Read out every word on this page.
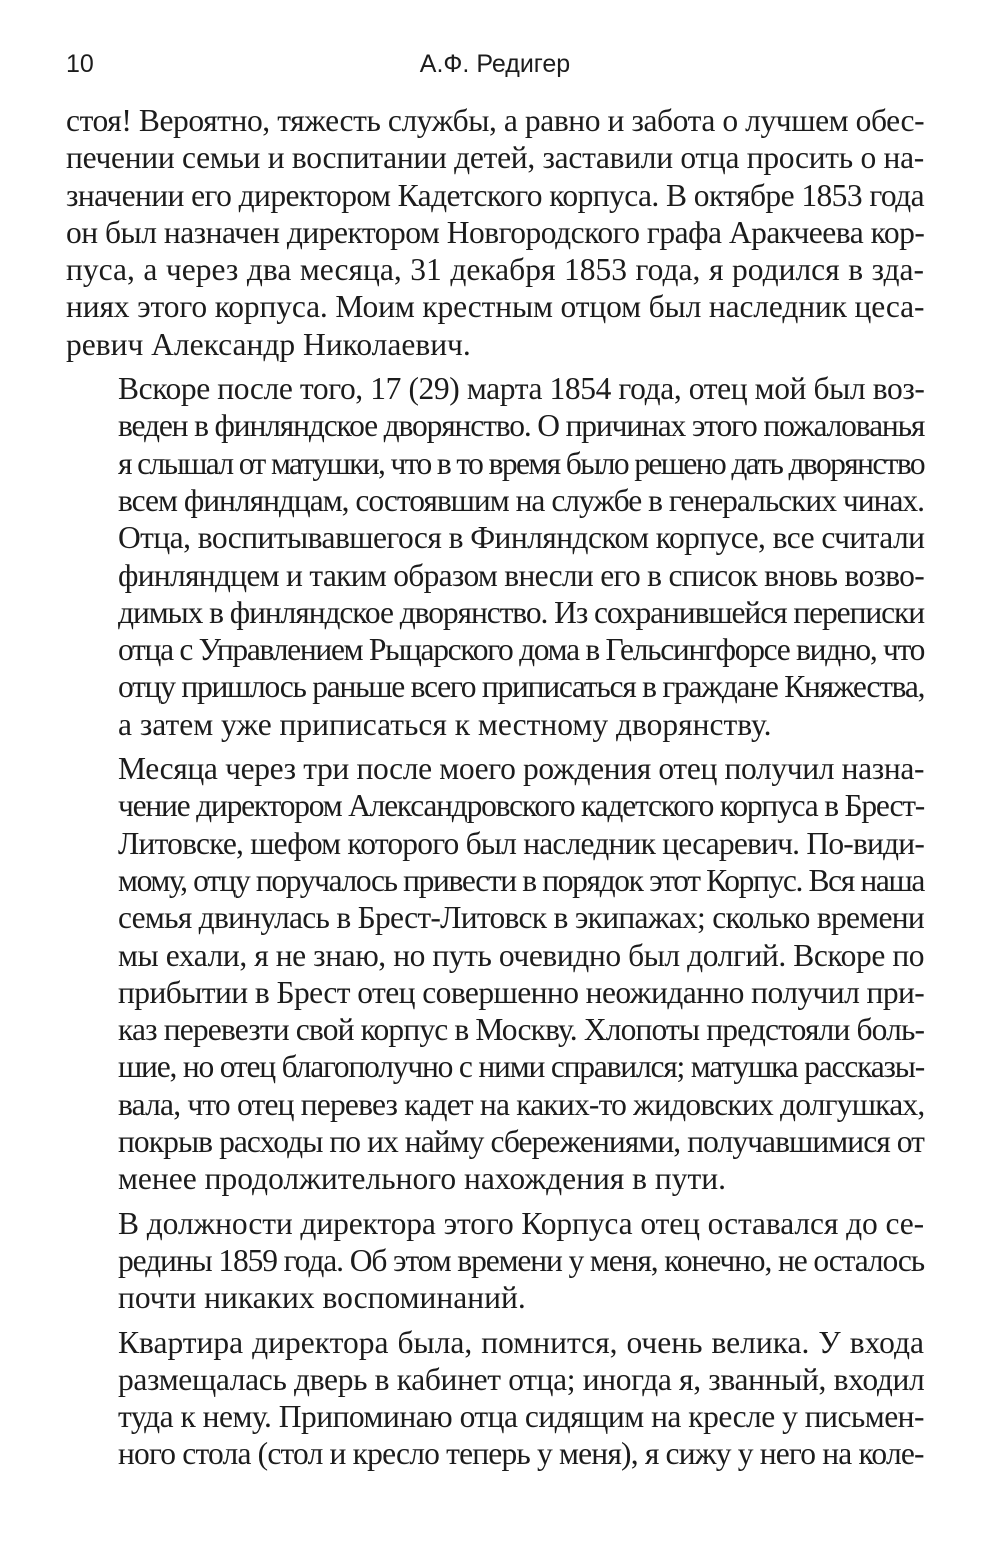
10	А.Ф. Редигер

стоя! Вероятно, тяжесть службы, а равно и забота о лучшем обес-
печении семьи и воспитании детей, заставили отца просить о на-
значении его директором Кадетского корпуса. В октябре 1853 года
он был назначен директором Новгородского графа Аракчеева кор-
пуса, а через два месяца, 31 декабря 1853 года, я родился в зда-
ниях этого корпуса. Моим крестным отцом был наследник цеса-
ревич Александр Николаевич.

Вскоре после того, 17 (29) марта 1854 года, отец мой был воз-
веден в финляндское дворянство. О причинах этого пожалованья
я слышал от матушки, что в то время было решено дать дворянство
всем финляндцам, состоявшим на службе в генеральских чинах.
Отца, воспитывавшегося в Финляндском корпусе, все считали
финляндцем и таким образом внесли его в список вновь возво-
димых в финляндское дворянство. Из сохранившейся переписки
отца с Управлением Рыцарского дома в Гельсингфорсе видно, что
отцу пришлось раньше всего приписаться в граждане Княжества,
а затем уже приписаться к местному дворянству.

Месяца через три после моего рождения отец получил назна-
чение директором Александровского кадетского корпуса в Брест-
Литовске, шефом которого был наследник цесаревич. По-види-
мому, отцу поручалось привести в порядок этот Корпус. Вся наша
семья двинулась в Брест-Литовск в экипажах; сколько времени
мы ехали, я не знаю, но путь очевидно был долгий. Вскоре по
прибытии в Брест отец совершенно неожиданно получил при-
каз перевезти свой корпус в Москву. Хлопоты предстояли боль-
шие, но отец благополучно с ними справился; матушка рассказы-
вала, что отец перевез кадет на каких-то жидовских долгушках,
покрыв расходы по их найму сбережениями, получавшимися от
менее продолжительного нахождения в пути.

В должности директора этого Корпуса отец оставался до се-
редины 1859 года. Об этом времени у меня, конечно, не осталось
почти никаких воспоминаний.

Квартира директора была, помнится, очень велика. У входа
размещалась дверь в кабинет отца; иногда я, званный, входил
туда к нему. Припоминаю отца сидящим на кресле у письмен-
ного стола (стол и кресло теперь у меня), я сижу у него на коле-
